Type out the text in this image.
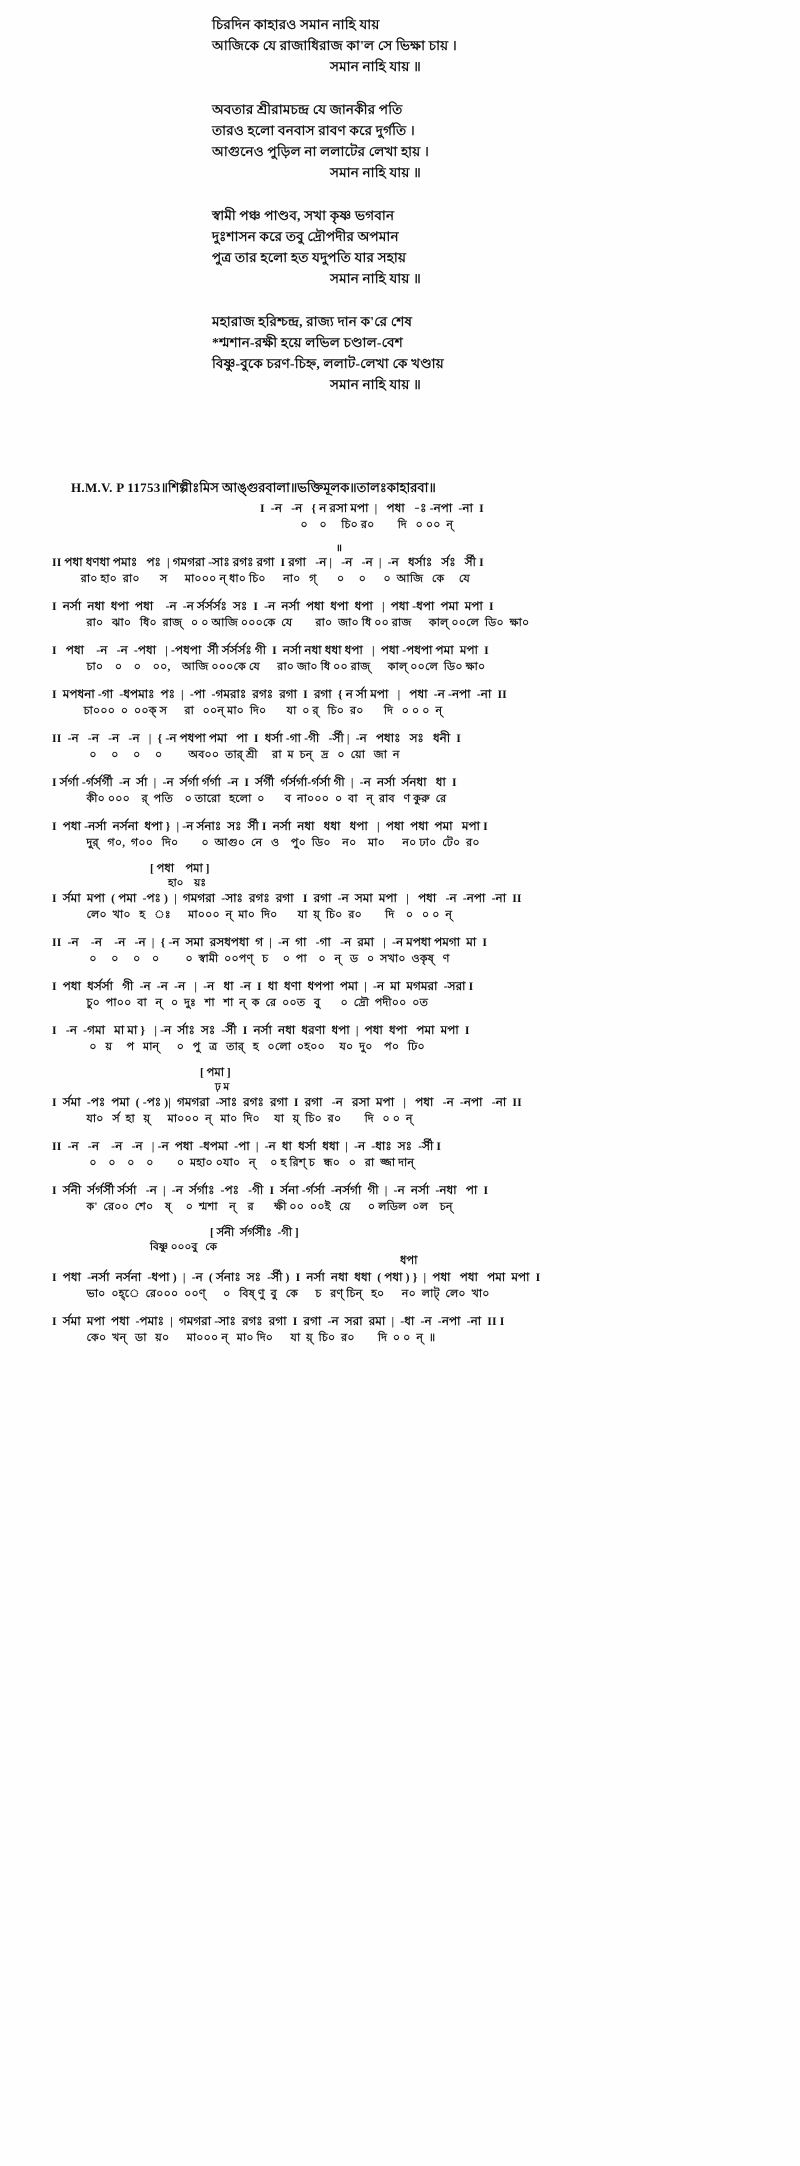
চিরদিন কাহারও সমান নাহি যায়
আজিকে যে রাজাধিরাজ কা'ল সে ভিক্ষা চায় ।
সমান নাহি যায় ॥
অবতার শ্রীরামচন্দ্র যে জানকীর পতি
তারও হলো বনবাস রাবণ করে দুর্গতি ।
আগুনেও পুড়িল না ললাটের লেখা হায় ।
সমান নাহি যায় ॥
স্বামী পঞ্চ পাণ্ডব, সখা কৃষ্ণ ভগবান
দুঃশাসন করে তবু দ্রৌপদীর অপমান
পুত্র তার হলো হত যদুপতি যার সহায়
সমান নাহি যায় ॥
মহারাজ হরিশ্চন্দ্র, রাজ্য দান ক'রে শেষ
*শ্মশান-রক্ষী হয়ে লভিল চণ্ডাল-বেশ
বিষ্ণু-বুকে চরণ-চিহ্ন, ললাট-লেখা কে খণ্ডায়
সমান নাহি যায় ॥

H.M.V. P 11753॥শিল্পীমিস আঙ্গুরবালা॥ভক্তিমূলক॥তালকাহারবা॥

I  -ন   -ন   { ন রসা মপা  |   পধা   -ঃ -নপা  -না  I
০    ০     চি০ র০        দি   ০ ০০  ন্
॥
II পধা ধণধা পমাঃ   পঃ  | গমগরা -সাঃ রগঃ রগা  I রগা   -ন |   -ন   -ন  |  -ন   ধর্সাঃ   র্সঃ   র্সী I
রা০ হা০  রা০       স      মা০০০ ন্ ধা০ চি০      না০   গ্       ০     ০      ০  আজি   কে     যে
I  নর্সা  নধা  ধপা  পধা    -ন  -ন র্সর্সর্সঃ  সঃ  I  -ন  নর্সা  পধা  ধপা  ধপা   |  পধা -ধপা  পমা  মপা  I
রা০   ঝা০   ধি০  রাজ্   ০ ০ আজি ০০০কে  যে        রা০  জা০ ধি ০০ রাজ      কাল্ ০০লে  ডি০  ক্ষা০
I   পধা    -ন   -ন  -পধা   | -পধপা  র্সী র্সর্সর্সঃ গী  I  নর্সা নধা ধধা ধপা   |  পধা -পধপা পমা  মপা  I
চা০    ০    ০    ০০,    আজি ০০০কে যে      রা০ জা০ ধি ০০ রাজ্      কাল্ ০০লে  ডি০ ক্ষা০
I  মপধনা -গা  -ধপমাঃ  পঃ  |  -পা  -গমরাঃ  রগঃ  রগা  I  রগা  { ন র্সা মপা   |   পধা  -ন -নপা  -না  II
চা০০০  ০  ০০ক্ স      রা   ০০ন্ মা০  দি০       যা  ০ র্   চি০  র০       দি   ০ ০ ০  ন্
II  -ন   -ন   -ন   -ন   |  { -ন পধপা পমা   পা  I  ধর্সা -গা -গী   -র্সী |  -ন   পধাঃ   সঃ   ধনী  I
০     ০     ০     ০         অব০০  তার্ শ্রী     রা  ম  চন্   দ্র   ০  য়ো   জা  ন
I র্সর্গা -র্গর্সর্গী  -ন  র্সা  |  -ন  র্সর্গা র্গর্গা  -ন  I  র্সর্গী  র্গর্সর্গা-র্গর্সা গী  |  -ন  নর্সা  র্সনধা   ধা  I
কী০ ০০০    র্  পতি    ০ তারো   হলো  ০       ব  না০০০  ০  বা   ন্  রাব   ণ কুরু  রে
I  পধা -নর্সা  নর্সনা  ধপা }  | -ন র্সনাঃ  সঃ  র্সী I  নর্সা  নধা   ধধা   ধপা   |  পধা  পধা  পমা   মপা I
দুর্   গ০,  গ০০   দি০        ০  আগু০  নে   ও    পু০  ডি০    ন০    মা০      ন০ ঢা০  টে০  র০
[ পধা    পমা ]
হা০    য়ঃ
I  র্সমা  মপা  ( পমা  -পঃ )  |  গমগরা  -সাঃ  রগঃ  রগা   I  রগা  -ন  সমা  মপা   |   পধা   -ন  -নপা  -না  II
লে০  খা০   হ   ঃ      মা০০০  ন্  মা০  দি০       যা  য়্  চি০  র০        দি    ০   ০ ০  ন্
II  -ন    -ন    -ন   -ন  |  { -ন  সমা  রসধপধা  গ  |  -ন  গা   -গা   -ন  রমা   |  -ন মপধা পমগা  মা  I
০     ০     ০    ০         ০  স্বামী  ০০পণ্   চ     ০  পা    ০   ন্   ড   ০  সখা০  ওকৃষ্   ণ
I  পধা  ধর্সর্সা   গী  -ন  -ন  -ন   |  -ন   ধা  -ন  I  ধা  ধণা  ধপপা  পমা  |  -ন  মা  মগমরা  -সরা I
চু০  পা০০  বা   ন্   ০  দুঃ   শা   শা  ন্  ক  রে  ০০ত   বু       ০  দ্রৌ  পদী০০  ০ত
I   -ন  -গমা   মা মা }   | -ন  র্সাঃ  সঃ  -র্সী  I  নর্সা  নধা  ধরণা  ধপা  |  পধা  ধপা   পমা  মপা  I
০   য়     প   মান্      ০   পু   ত্র   তার্   হ   ০লো  ০হ০০     য০  দু০    প০   ঢি০
[ পমা ]
ঢ় ম
I  র্সমা  -পঃ  পমা  ( -পঃ )|  গমগরা  -সাঃ  রগঃ  রগা  I  রগা   -ন   রসা  মপা   |   পধা   -ন  -নপা   -না  II
যা০   র্স  হা   য়্      মা০০০  ন্   মা০  দি০     যা   য়্  চি০  র০        দি   ০ ০  ন্
II  -ন   -ন    -ন   -ন   | -ন  পধা  -ধপমা  -পা  |  -ন  ধা  ধর্সা  ধধা  |  -ন  -ধাঃ  সঃ  -র্সী I
০    ০    ০    ০        ০  মহা০ ০যা০   ন্     ০ হ রিশ্ চ   ন্ধ০   ০   রা  জ্জা দান্
I  র্সনী  র্সর্গর্সী র্সর্সা   -ন  |  -ন  র্সর্গাঃ  -পঃ   -গী  I  র্সনা -র্গর্সা  -নর্সর্গা  গী  |  -ন  নর্সা  -নধা   পা  I
ক'  রে০০  শে০    ষ্     ০  শ্মশা    ন্    র       ক্ষী ০০  ০০ই   য়ে      ০ লডিল  ০ল    চন্
[ র্সনী  র্সর্গর্সীঃ  -গী ]
বিষ্ণু ০০০বু   কে
ধপা
I  পধা  -নর্সা  নর্সনা  -ধপা )  |  -ন  ( র্সনাঃ  সঃ  -র্সী )  I  নর্সা  নধা  ধধা  ( পধা ) }  |  পধা   পধা   পমা  মপা  I
ভা০  ০হ্ে  রে০০০  ০০ণ্      ০   বিষ্ ণু  বু   কে      চ   রণ্ চিন্   হ০      ন০  লাট্  লে০  খা০
I  র্সমা  মপা  পধা  -পমাঃ  |  গমগরা -সাঃ  রগঃ  রগা  I  রগা  -ন  সরা  রমা  |  -ধা  -ন  -নপা  -না  II I
কে০  খন্   ডা   য়০      মা০০০ ন্   মা০ দি০      যা  য়্  চি০  র০        দি  ০ ০  ন্  ॥
